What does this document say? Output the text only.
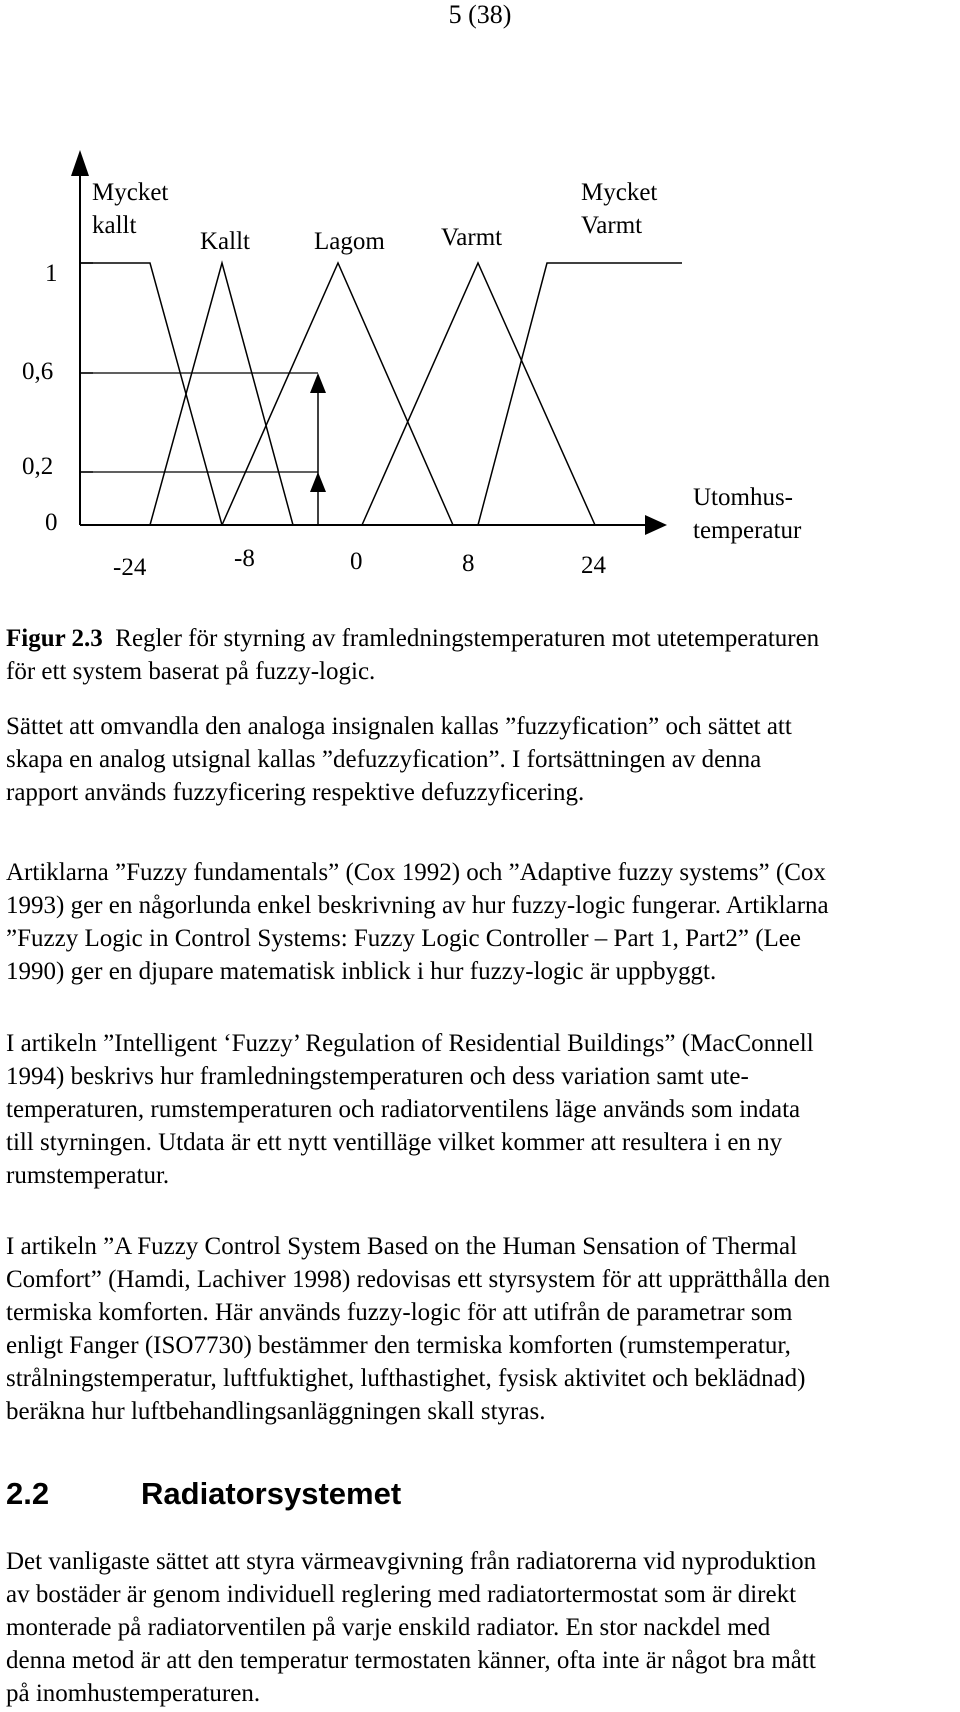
5 (38)
Mycket
kallt
Kallt	Lagom Varmt
Mycket
Varmt
1
0,6
0,2
0
-24	-8	0	8	24
Utomhus-
temperatur

Figur 2.3 Regler för styrning av framledningstemperaturen mot utetemperaturen
för ett system baserat på fuzzy-logic.

Sättet att omvandla den analoga insignalen kallas ”fuzzyfication” och sättet att
skapa en analog utsignal kallas ”defuzzyfication”. I fortsättningen av denna
rapport används fuzzyficering respektive defuzzyficering.

Artiklarna ”Fuzzy fundamentals” (Cox 1992) och ”Adaptive fuzzy systems” (Cox
1993) ger en någorlunda enkel beskrivning av hur fuzzy-logic fungerar. Artiklarna
”Fuzzy Logic in Control Systems: Fuzzy Logic Controller – Part 1, Part2” (Lee
1990) ger en djupare matematisk inblick i hur fuzzy-logic är uppbyggt.

I artikeln ”Intelligent ‘Fuzzy’ Regulation of Residential Buildings” (MacConnell
1994) beskrivs hur framledningstemperaturen och dess variation samt ute-
temperaturen, rumstemperaturen och radiatorventilens läge används som indata
till styrningen. Utdata är ett nytt ventilläge vilket kommer att resultera i en ny
rumstemperatur.

I artikeln ”A Fuzzy Control System Based on the Human Sensation of Thermal
Comfort” (Hamdi, Lachiver 1998) redovisas ett styrsystem för att upprätthålla den
termiska komforten. Här används fuzzy-logic för att utifrån de parametrar som
enligt Fanger (ISO7730) bestämmer den termiska komforten (rumstemperatur,
strålningstemperatur, luftfuktighet, lufthastighet, fysisk aktivitet och beklädnad)
beräkna hur luftbehandlingsanläggningen skall styras.

2.2	Radiatorsystemet

Det vanligaste sättet att styra värmeavgivning från radiatorerna vid nyproduktion
av bostäder är genom individuell reglering med radiatortermostat som är direkt
monterade på radiatorventilen på varje enskild radiator. En stor nackdel med
denna metod är att den temperatur termostaten känner, ofta inte är något bra mått
på inomhustemperaturen.
